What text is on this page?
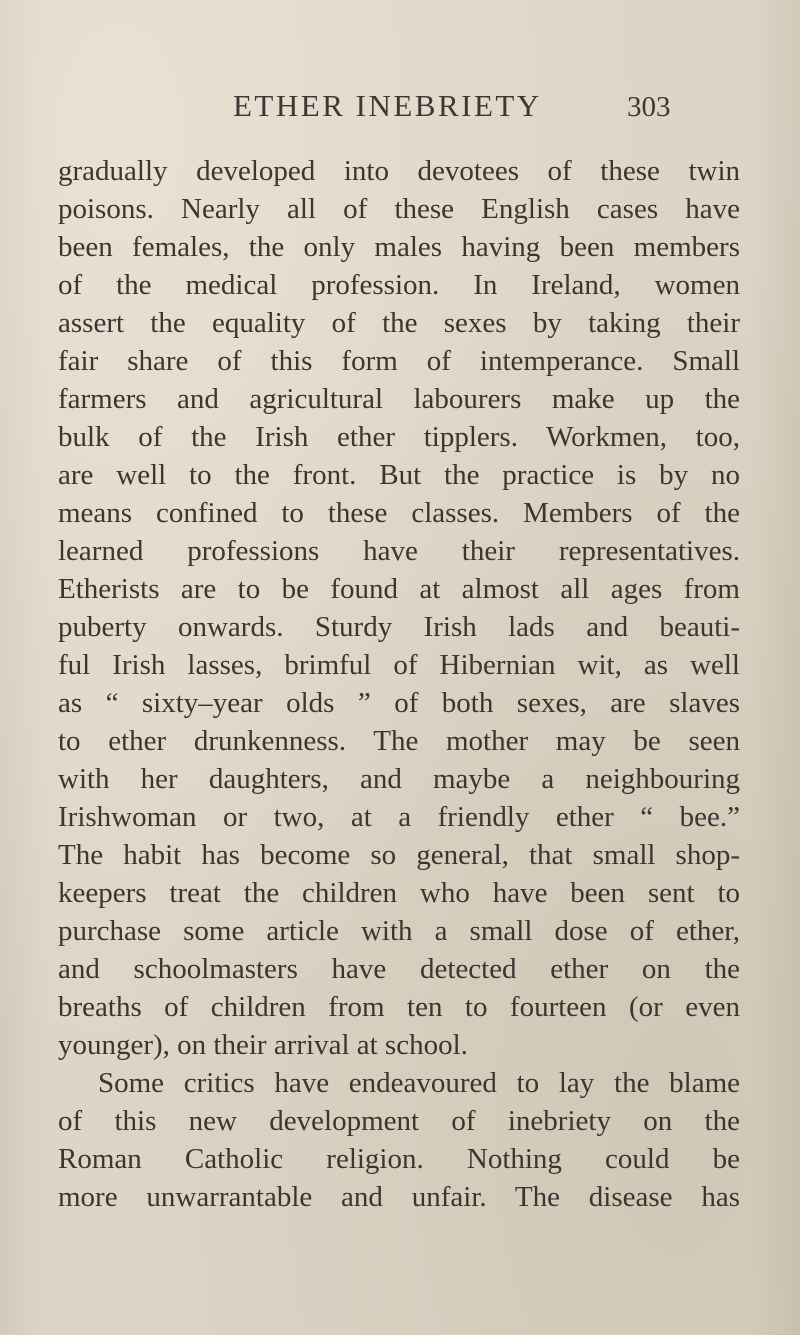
ETHER INEBRIETY	303
gradually developed into devotees of these twin
poisons. Nearly all of these English cases have
been females, the only males having been members
of the medical profession. In Ireland, women
assert the equality of the sexes by taking their
fair share of this form of intemperance. Small
farmers and agricultural labourers make up the
bulk of the Irish ether tipplers. Workmen, too,
are well to the front. But the practice is by no
means confined to these classes. Members of the
learned professions have their representatives.
Etherists are to be found at almost all ages from
puberty onwards. Sturdy Irish lads and beauti-
ful Irish lasses, brimful of Hibernian wit, as well
as “ sixty–year olds ” of both sexes, are slaves
to ether drunkenness. The mother may be seen
with her daughters, and maybe a neighbouring
Irishwoman or two, at a friendly ether “ bee.”
The habit has become so general, that small shop-
keepers treat the children who have been sent to
purchase some article with a small dose of ether,
and schoolmasters have detected ether on the
breaths of children from ten to fourteen (or even
younger), on their arrival at school.
Some critics have endeavoured to lay the blame
of this new development of inebriety on the
Roman Catholic religion. Nothing could be
more unwarrantable and unfair. The disease has
